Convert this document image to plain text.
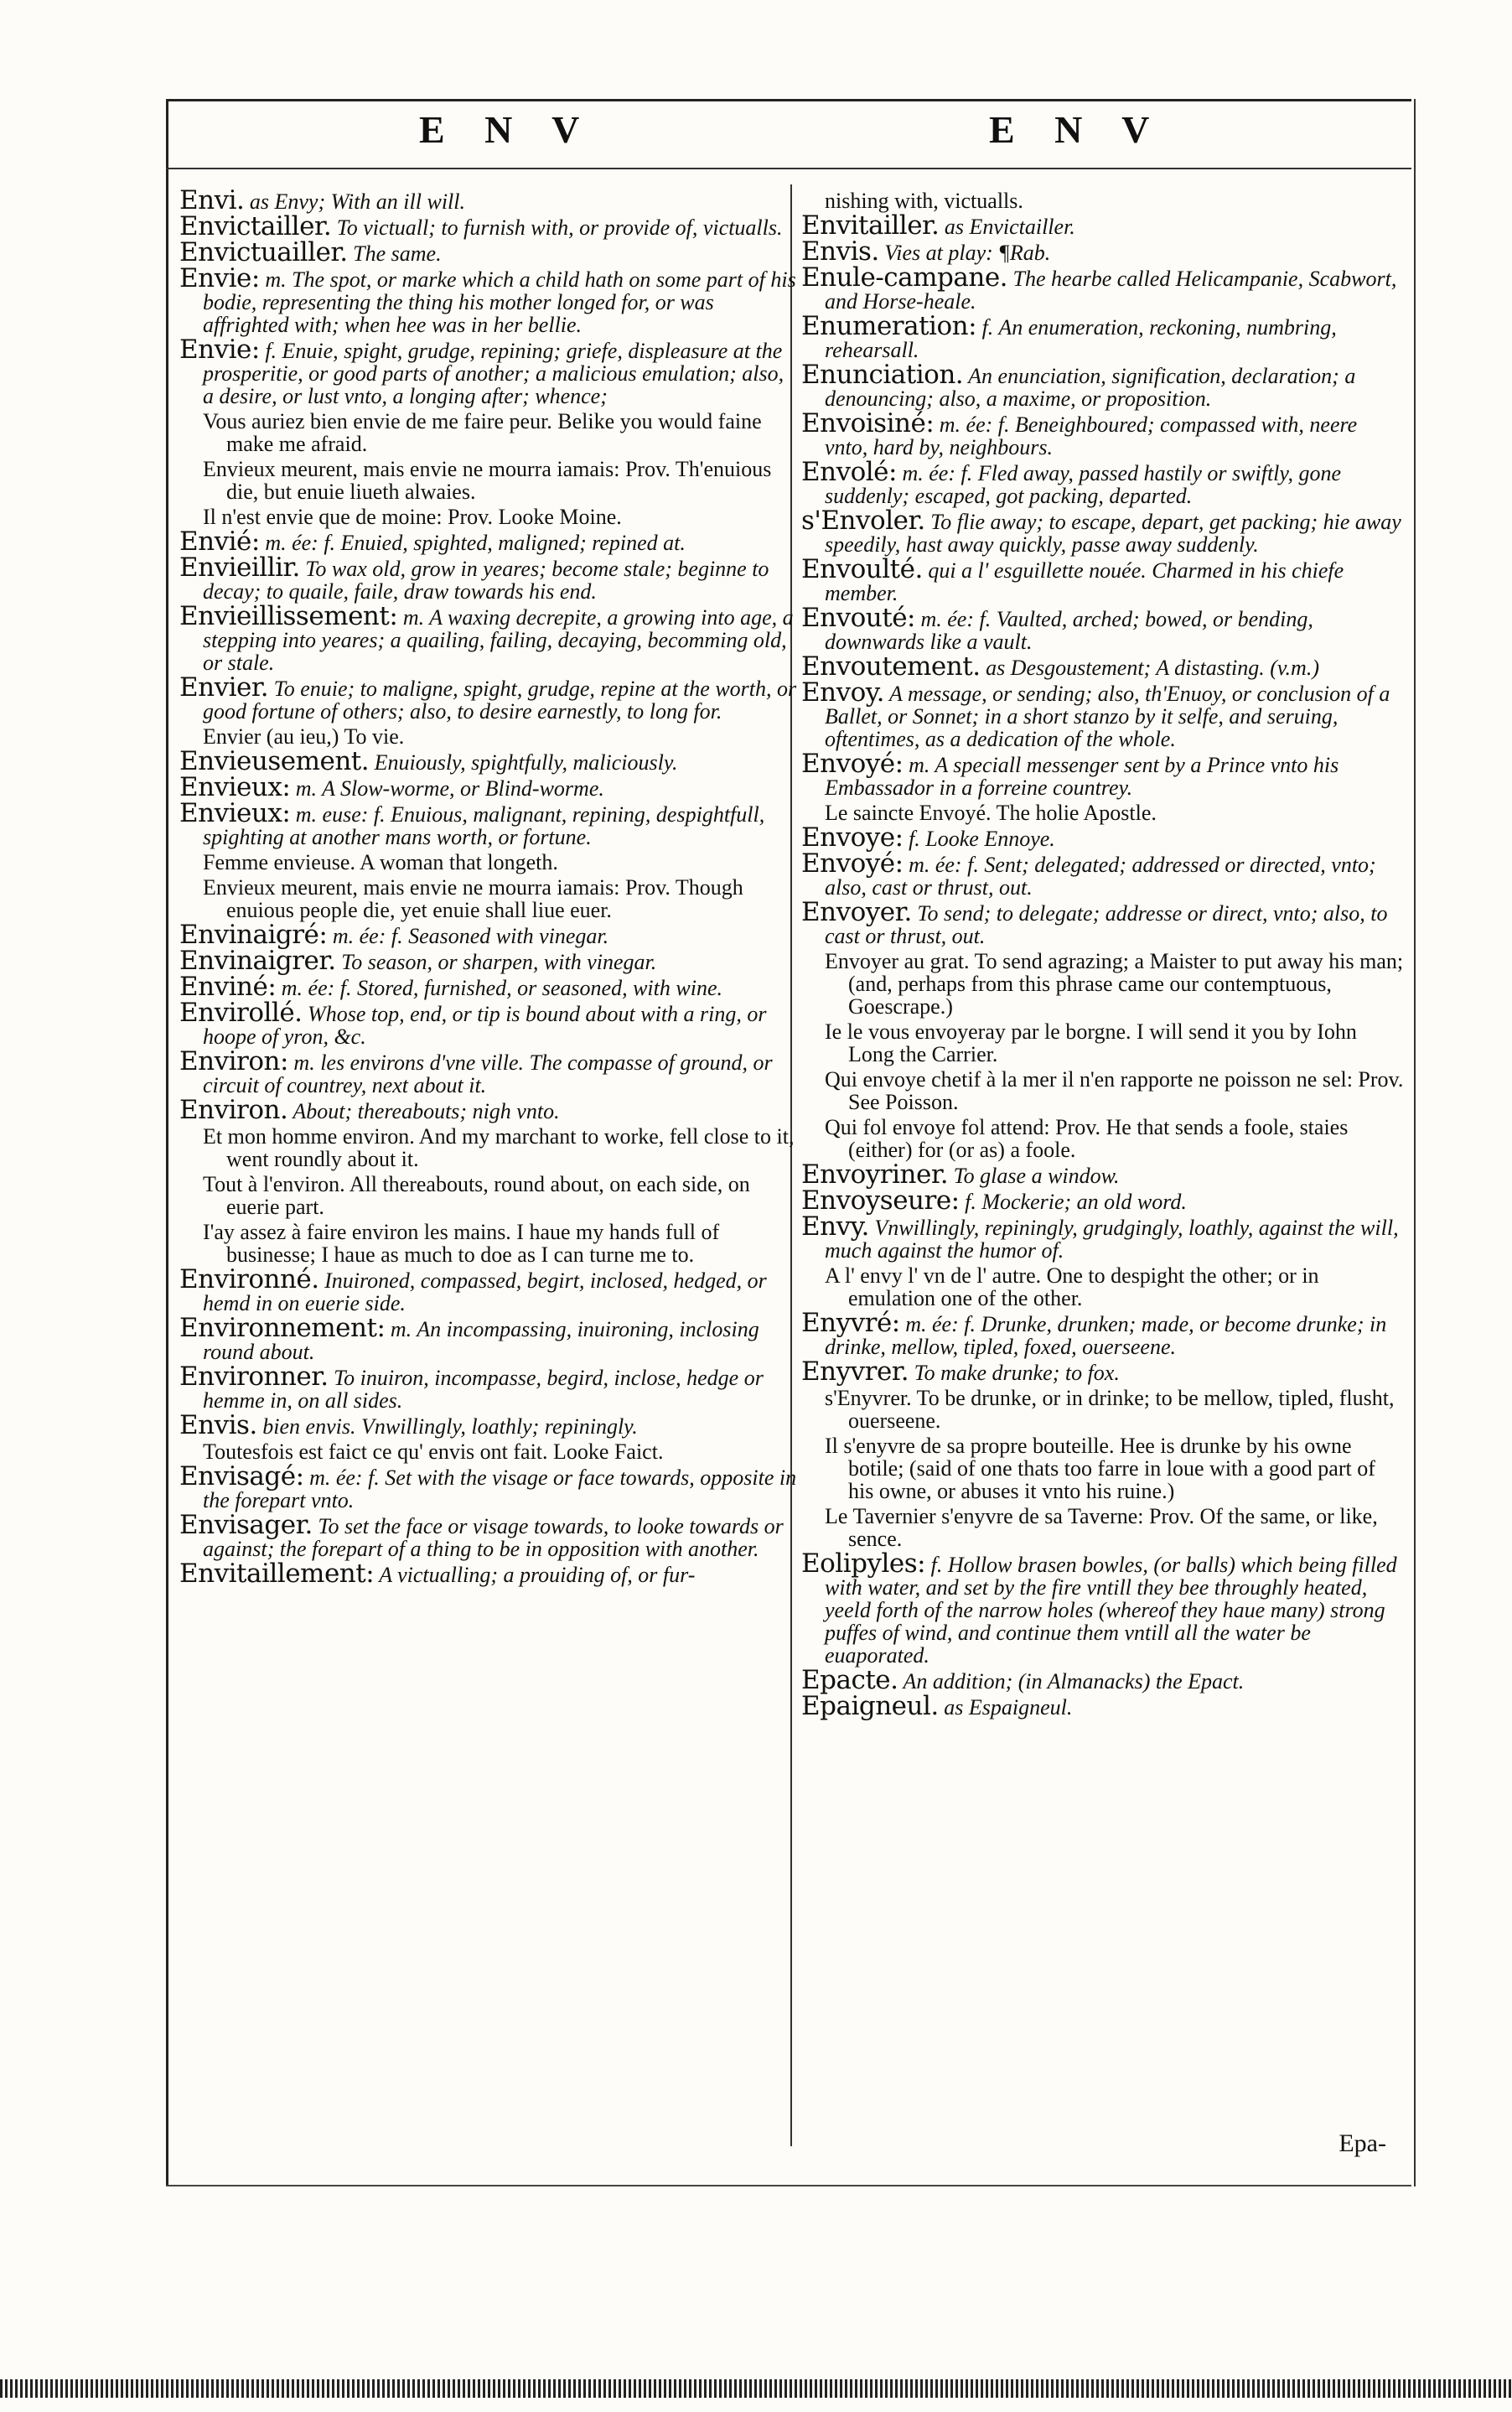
E N V	E N V
Envi. as Envy; With an ill will.
Envictailler. To victuall; to furnish with, or provide of, victualls.
Envictuailler. The same.
Envie: m. The spot, or marke which a child hath on some part of his bodie, representing the thing his mother longed for, or was affrighted with; when hee was in her bellie.
Envie: f. Enuie, spight, grudge, repining; griefe, displeasure at the prosperitie, or good parts of another; a malicious emulation; also, a desire, or lust vnto, a longing after; whence;
Vous auriez bien envie de me faire peur. Belike you would faine make me afraid.
Envieux meurent, mais envie ne mourra iamais: Prov. Th'enuious die, but enuie liueth alwaies.
Il n'est envie que de moine: Prov. Looke Moine.
Envié: m. ée: f. Enuied, spighted, maligned; repined at.
Envieillir. To wax old, grow in yeares; become stale; beginne to decay; to quaile, faile, draw towards his end.
Envieillissement: m. A waxing decrepite, a growing into age, a stepping into yeares; a quailing, failing, decaying, becomming old, or stale.
Envier. To enuie; to maligne, spight, grudge, repine at the worth, or good fortune of others; also, to desire earnestly, to long for.
Envier (au ieu,) To vie.
Envieusement. Enuiously, spightfully, maliciously.
Envieux: m. A Slow-worme, or Blind-worme.
Envieux: m. euse: f. Enuious, malignant, repining, despightfull, spighting at another mans worth, or fortune.
Femme envieuse. A woman that longeth.
Envieux meurent, mais envie ne mourra iamais: Prov. Though enuious people die, yet enuie shall liue euer.
Envinaigré: m. ée: f. Seasoned with vinegar.
Envinaigrer. To season, or sharpen, with vinegar.
Enviné: m. ée: f. Stored, furnished, or seasoned, with wine.
Envirollé. Whose top, end, or tip is bound about with a ring, or hoope of yron, &c.
Environ: m. les environs d'vne ville. The compasse of ground, or circuit of countrey, next about it.
Environ. About; thereabouts; nigh vnto.
Et mon homme environ. And my marchant to worke, fell close to it, went roundly about it.
Tout à l'environ. All thereabouts, round about, on each side, on euerie part.
I'ay assez à faire environ les mains. I haue my hands full of businesse; I haue as much to doe as I can turne me to.
Environné. Inuironed, compassed, begirt, inclosed, hedged, or hemd in on euerie side.
Environnement: m. An incompassing, inuironing, inclosing round about.
Environner. To inuiron, incompasse, begird, inclose, hedge or hemme in, on all sides.
Envis. bien envis. Vnwillingly, loathly; repiningly.
Toutesfois est faict ce qu' envis ont fait. Looke Faict.
Envisagé: m. ée: f. Set with the visage or face towards, opposite in the forepart vnto.
Envisager. To set the face or visage towards, to looke towards or against; the forepart of a thing to be in opposition with another.
Envitaillement: A victualling; a prouiding of, or fur-
nishing with, victualls.
Envitailler. as Envictailler.
Envis. Vies at play: ¶Rab.
Enule-campane. The hearbe called Helicampanie, Scabwort, and Horse-heale.
Enumeration: f. An enumeration, reckoning, numbring, rehearsall.
Enunciation. An enunciation, signification, declaration; a denouncing; also, a maxime, or proposition.
Envoisiné: m. ée: f. Beneighboured; compassed with, neere vnto, hard by, neighbours.
Envolé: m. ée: f. Fled away, passed hastily or swiftly, gone suddenly; escaped, got packing, departed.
s'Envoler. To flie away; to escape, depart, get packing; hie away speedily, hast away quickly, passe away suddenly.
Envoulté. qui a l' esguillette nouée. Charmed in his chiefe member.
Envouté: m. ée: f. Vaulted, arched; bowed, or bending, downwards like a vault.
Envoutement. as Desgoustement; A distasting. (v.m.)
Envoy. A message, or sending; also, th'Enuoy, or conclusion of a Ballet, or Sonnet; in a short stanzo by it selfe, and seruing, oftentimes, as a dedication of the whole.
Envoyé: m. A speciall messenger sent by a Prince vnto his Embassador in a forreine countrey.
Le saincte Envoyé. The holie Apostle.
Envoye: f. Looke Ennoye.
Envoyé: m. ée: f. Sent; delegated; addressed or directed, vnto; also, cast or thrust, out.
Envoyer. To send; to delegate; addresse or direct, vnto; also, to cast or thrust, out.
Envoyer au grat. To send agrazing; a Maister to put away his man; (and, perhaps from this phrase came our contemptuous, Goescrape.)
Ie le vous envoyeray par le borgne. I will send it you by Iohn Long the Carrier.
Qui envoye chetif à la mer il n'en rapporte ne poisson ne sel: Prov. See Poisson.
Qui fol envoye fol attend: Prov. He that sends a foole, staies (either) for (or as) a foole.
Envoyriner. To glase a window.
Envoyseure: f. Mockerie; an old word.
Envy. Vnwillingly, repiningly, grudgingly, loathly, against the will, much against the humor of.
A l' envy l' vn de l' autre. One to despight the other; or in emulation one of the other.
Enyvré: m. ée: f. Drunke, drunken; made, or become drunke; in drinke, mellow, tipled, foxed, ouerseene.
Enyvrer. To make drunke; to fox.
s'Enyvrer. To be drunke, or in drinke; to be mellow, tipled, flusht, ouerseene.
Il s'enyvre de sa propre bouteille. Hee is drunke by his owne botile; (said of one thats too farre in loue with a good part of his owne, or abuses it vnto his ruine.)
Le Tavernier s'enyvre de sa Taverne: Prov. Of the same, or like, sence.
Eolipyles: f. Hollow brasen bowles, (or balls) which being filled with water, and set by the fire vntill they bee throughly heated, yeeld forth of the narrow holes (whereof they haue many) strong puffes of wind, and continue them vntill all the water be euaporated.
Epacte. An addition; (in Almanacks) the Epact.
Epaigneul. as Espaigneul.
Epa-
